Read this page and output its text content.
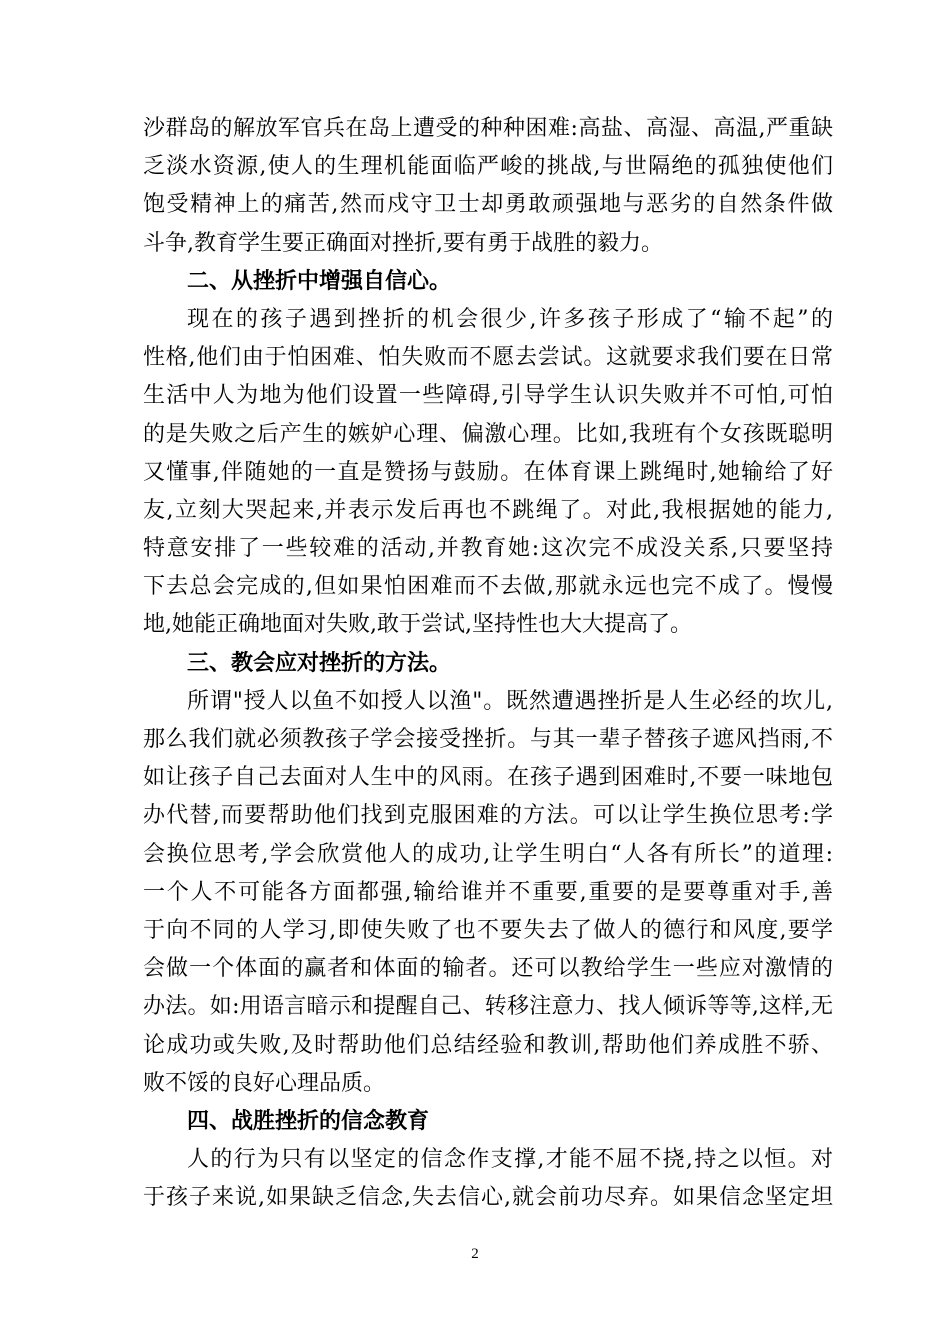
沙群岛的解放军官兵在岛上遭受的种种困难:高盐、高湿、高温,严重缺
乏淡水资源,使人的生理机能面临严峻的挑战,与世隔绝的孤独使他们
饱受精神上的痛苦,然而戍守卫士却勇敢顽强地与恶劣的自然条件做
斗争,教育学生要正确面对挫折,要有勇于战胜的毅力。
二、从挫折中增强自信心。
现在的孩子遇到挫折的机会很少,许多孩子形成了“输不起”的
性格,他们由于怕困难、怕失败而不愿去尝试。这就要求我们要在日常
生活中人为地为他们设置一些障碍,引导学生认识失败并不可怕,可怕
的是失败之后产生的嫉妒心理、偏激心理。比如,我班有个女孩既聪明
又懂事,伴随她的一直是赞扬与鼓励。在体育课上跳绳时,她输给了好
友,立刻大哭起来,并表示发后再也不跳绳了。对此,我根据她的能力,
特意安排了一些较难的活动,并教育她:这次完不成没关系,只要坚持
下去总会完成的,但如果怕困难而不去做,那就永远也完不成了。慢慢
地,她能正确地面对失败,敢于尝试,坚持性也大大提高了。
三、教会应对挫折的方法。
所谓"授人以鱼不如授人以渔"。既然遭遇挫折是人生必经的坎儿,
那么我们就必须教孩子学会接受挫折。与其一辈子替孩子遮风挡雨,不
如让孩子自己去面对人生中的风雨。在孩子遇到困难时,不要一味地包
办代替,而要帮助他们找到克服困难的方法。可以让学生换位思考:学
会换位思考,学会欣赏他人的成功,让学生明白“人各有所长”的道理:
一个人不可能各方面都强,输给谁并不重要,重要的是要尊重对手,善
于向不同的人学习,即使失败了也不要失去了做人的德行和风度,要学
会做一个体面的赢者和体面的输者。还可以教给学生一些应对激情的
办法。如:用语言暗示和提醒自己、转移注意力、找人倾诉等等,这样,无
论成功或失败,及时帮助他们总结经验和教训,帮助他们养成胜不骄、
败不馁的良好心理品质。
四、战胜挫折的信念教育
人的行为只有以坚定的信念作支撑,才能不屈不挠,持之以恒。对
于孩子来说,如果缺乏信念,失去信心,就会前功尽弃。如果信念坚定坦
2
